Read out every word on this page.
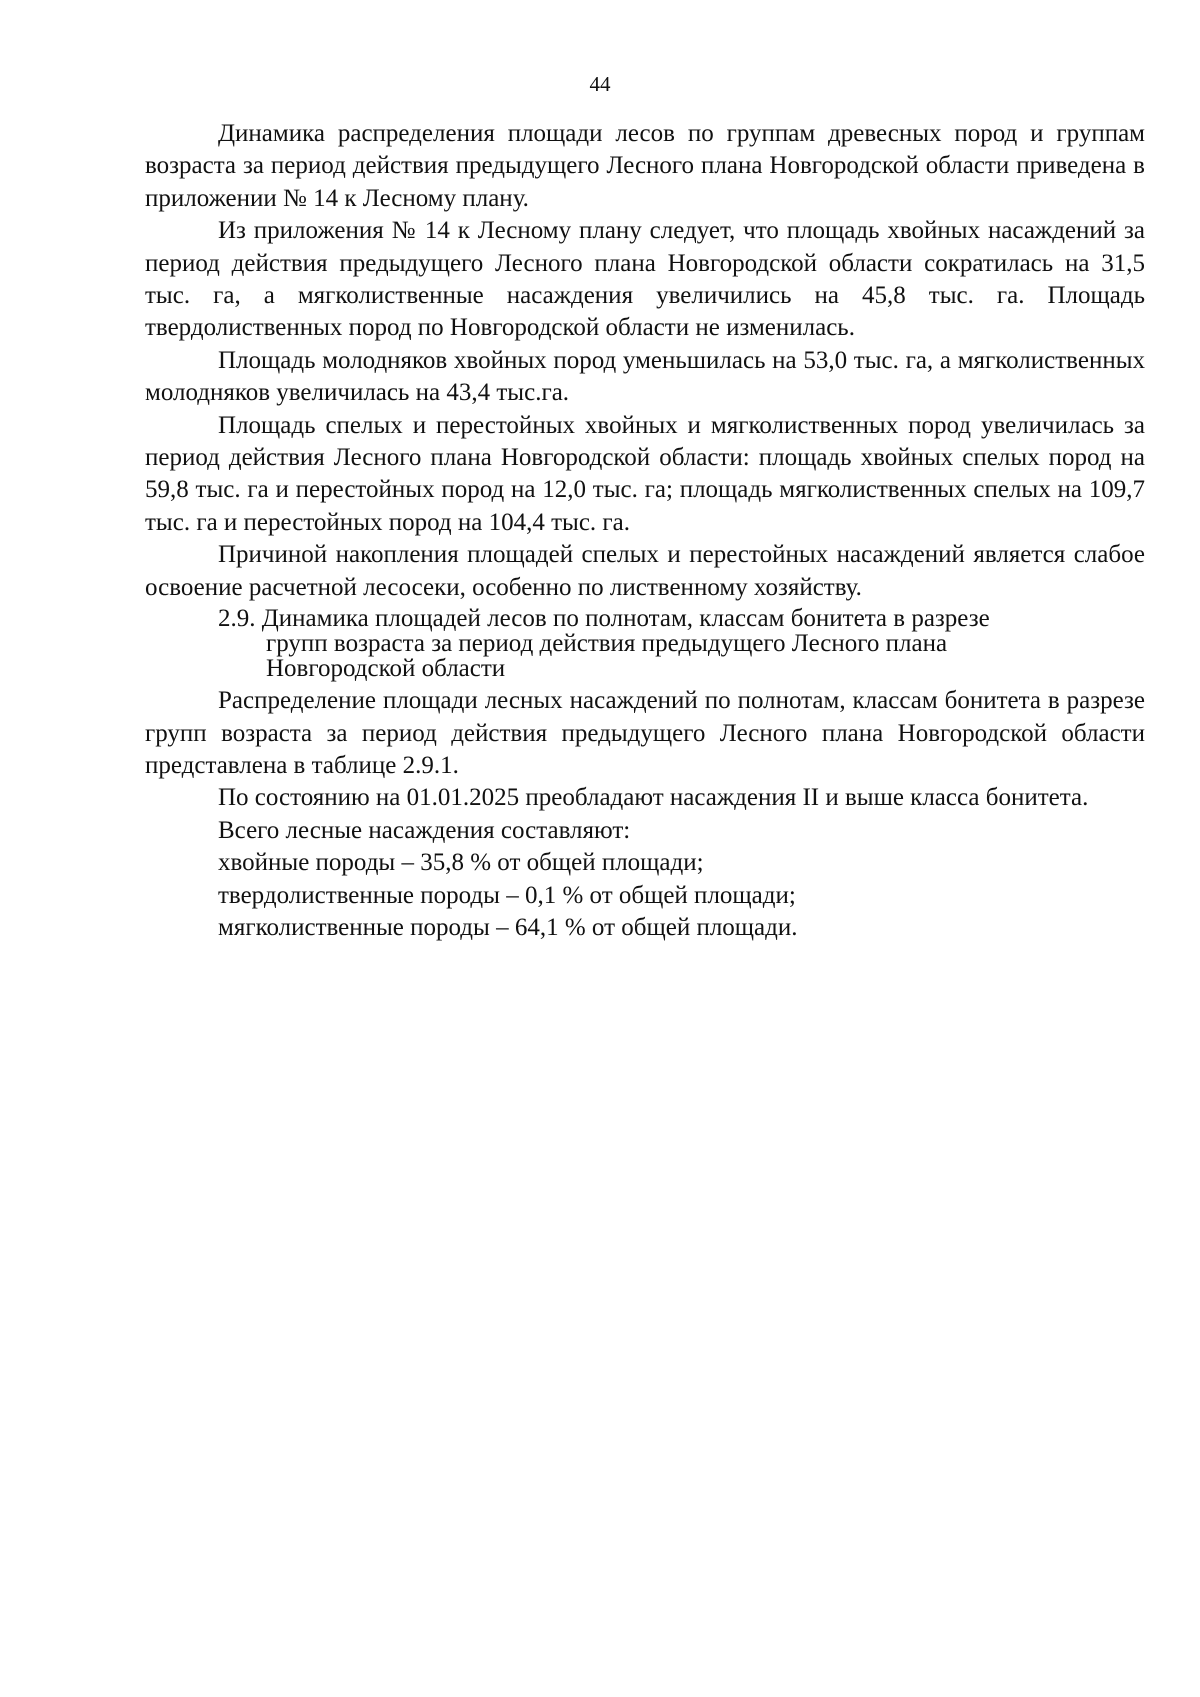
44

Динамика распределения площади лесов по группам древесных пород и группам возраста за период действия предыдущего Лесного плана Новгородской области приведена в приложении № 14 к Лесному плану.

Из приложения № 14 к Лесному плану следует, что площадь хвойных насаждений за период действия предыдущего Лесного плана Новгородской области сократилась на 31,5 тыс. га, а мягколиственные насаждения увеличились на 45,8 тыс. га. Площадь твердолиственных пород по Новгородской области не изменилась.

Площадь молодняков хвойных пород уменьшилась на 53,0 тыс. га, а мягколиственных молодняков увеличилась на 43,4 тыс.га.

Площадь спелых и перестойных хвойных и мягколиственных пород увеличилась за период действия Лесного плана Новгородской области: площадь хвойных спелых пород на 59,8 тыс. га и перестойных пород на 12,0 тыс. га; площадь мягколиственных спелых на 109,7 тыс. га и перестойных пород на 104,4 тыс. га.

Причиной накопления площадей спелых и перестойных насаждений является слабое освоение расчетной лесосеки, особенно по лиственному хозяйству.

2.9. Динамика площадей лесов по полнотам, классам бонитета в разрезе групп возраста за период действия предыдущего Лесного плана Новгородской области

Распределение площади лесных насаждений по полнотам, классам бонитета в разрезе групп возраста за период действия предыдущего Лесного плана Новгородской области представлена в таблице 2.9.1.

По состоянию на 01.01.2025 преобладают насаждения II и выше класса бонитета.

Всего лесные насаждения составляют:

хвойные породы – 35,8 % от общей площади;

твердолиственные породы – 0,1 % от общей площади;

мягколиственные породы – 64,1 % от общей площади.
